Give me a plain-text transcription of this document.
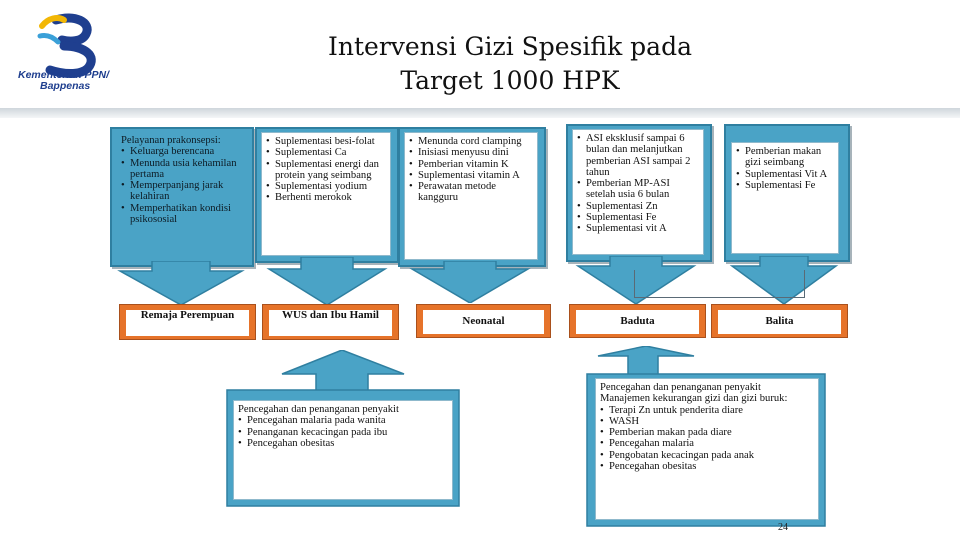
Kementerian PPN/
Bappenas
Intervensi Gizi Spesifik pada
Target 1000 HPK
Pelayanan prakonsepsi:
• Keluarga berencana
• Menunda usia kehamilan pertama
• Memperpanjang jarak kelahiran
• Memperhatikan kondisi psikososial
• Suplementasi besi-folat
• Suplementasi Ca
• Suplementasi energi dan protein yang seimbang
• Suplementasi yodium
• Berhenti merokok
• Menunda cord clamping
• Inisiasi menyusu dini
• Pemberian vitamin K
• Suplementasi vitamin A
• Perawatan metode kangguru
• ASI eksklusif sampai 6 bulan dan melanjutkan pemberian ASI sampai 2 tahun
• Pemberian MP-ASI setelah usia 6 bulan
• Suplementasi Zn
• Suplementasi Fe
• Suplementasi vit A
• Pemberian makan gizi seimbang
• Suplementasi Vit A
• Suplementasi Fe
Remaja Perempuan	WUS dan Ibu Hamil	Neonatal	Baduta	Balita
Pencegahan dan penanganan penyakit
• Pencegahan malaria pada wanita
• Penanganan kecacingan pada ibu
• Pencegahan obesitas
Pencegahan dan penanganan penyakit
Manajemen kekurangan gizi dan gizi buruk:
• Terapi Zn untuk penderita diare
• WASH
• Pemberian makan pada diare
• Pencegahan malaria
• Pengobatan kecacingan pada anak
• Pencegahan obesitas
24
